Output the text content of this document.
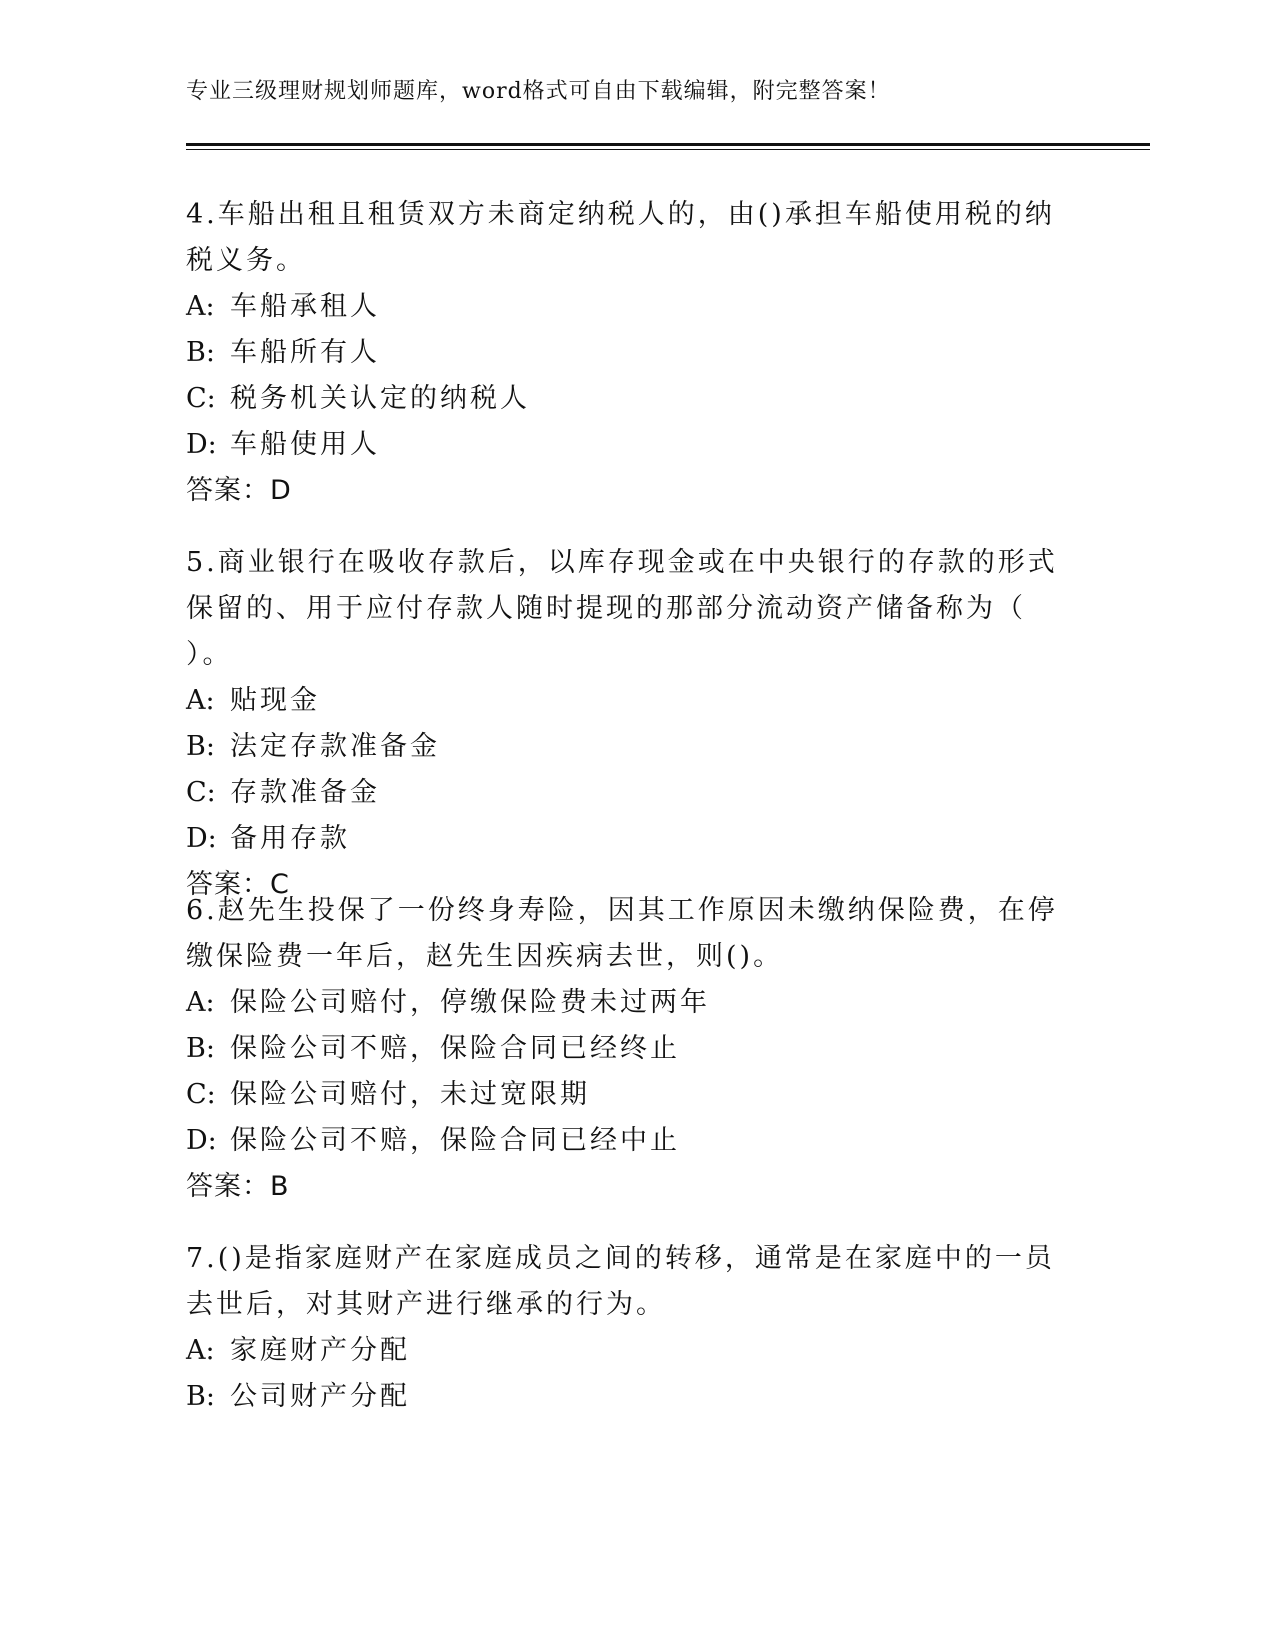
专业三级理财规划师题库，word格式可自由下载编辑，附完整答案！

4.车船出租且租赁双方未商定纳税人的，由()承担车船使用税的纳税义务。

A: 车船承租人

B: 车船所有人

C: 税务机关认定的纳税人

D: 车船使用人

答案：D

5.商业银行在吸收存款后，以库存现金或在中央银行的存款的形式保留的、用于应付存款人随时提现的那部分流动资产储备称为（ ）。

A: 贴现金

B: 法定存款准备金

C: 存款准备金

D: 备用存款

答案：C

6.赵先生投保了一份终身寿险，因其工作原因未缴纳保险费，在停缴保险费一年后，赵先生因疾病去世，则()。

A: 保险公司赔付，停缴保险费未过两年

B: 保险公司不赔，保险合同已经终止

C: 保险公司赔付，未过宽限期

D: 保险公司不赔，保险合同已经中止

答案：B

7.()是指家庭财产在家庭成员之间的转移，通常是在家庭中的一员去世后，对其财产进行继承的行为。

A: 家庭财产分配

B: 公司财产分配
